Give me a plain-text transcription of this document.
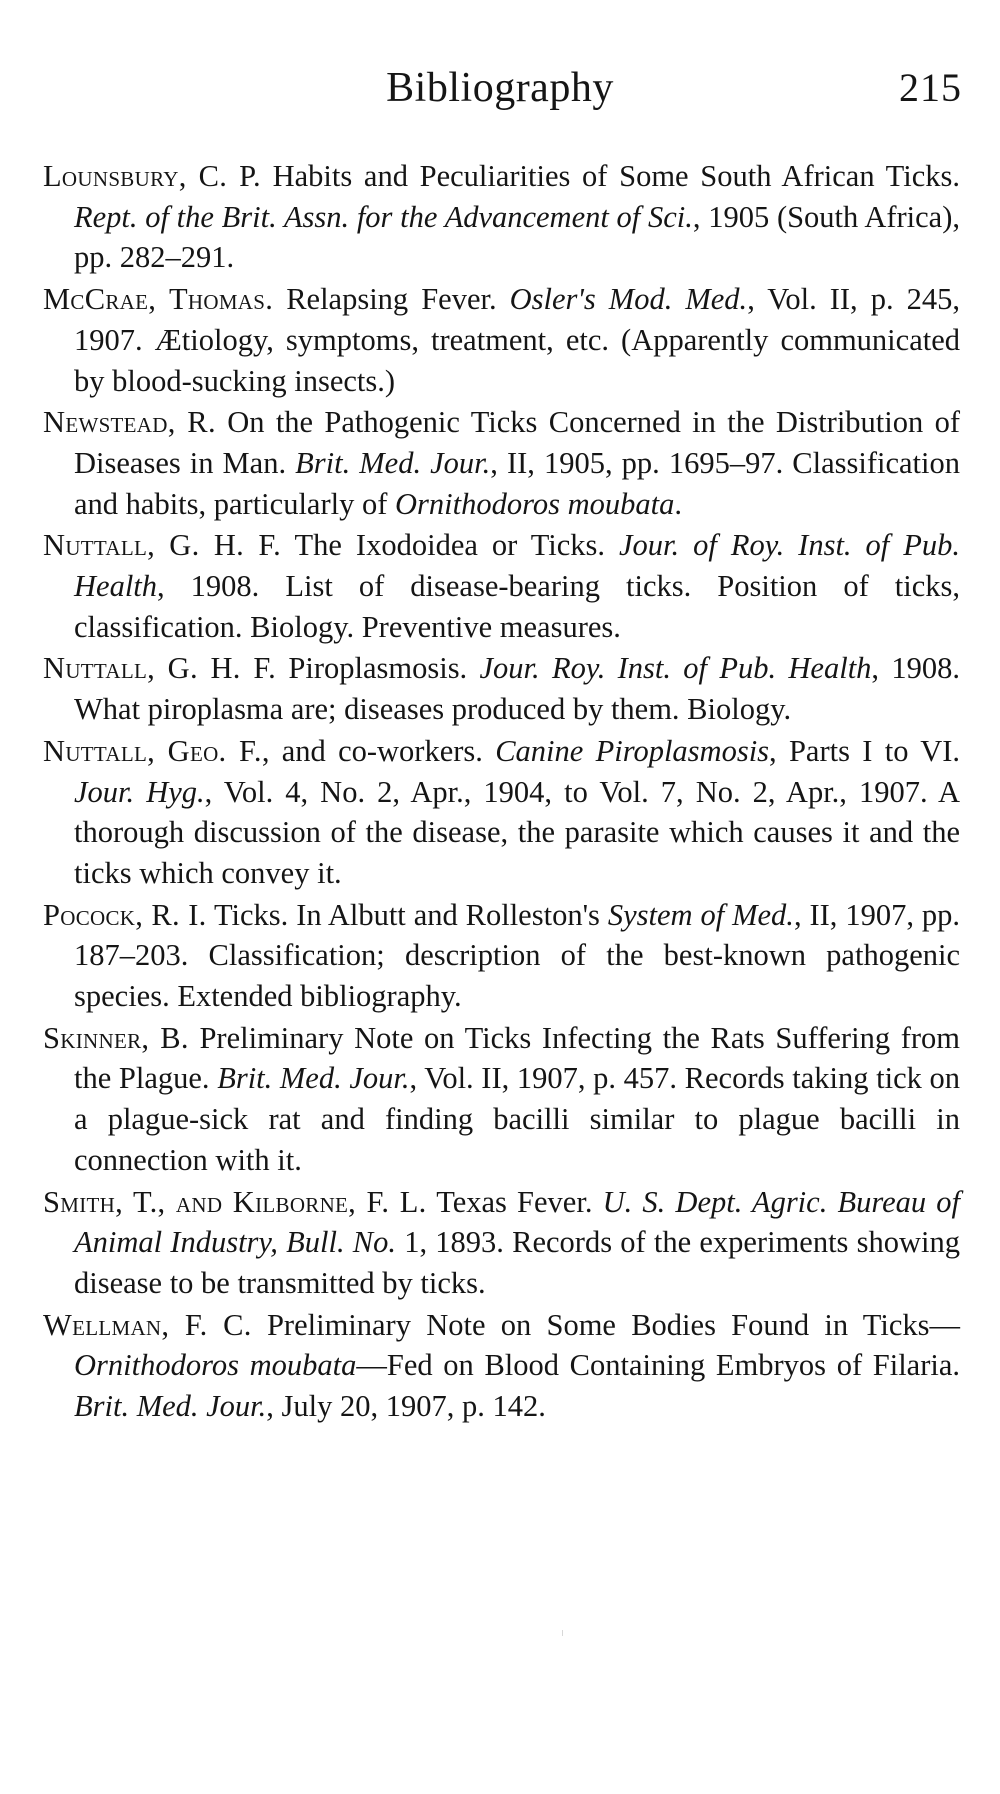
Bibliography	215
Lounsbury, C. P. Habits and Peculiarities of Some South African Ticks. Rept. of the Brit. Assn. for the Advancement of Sci., 1905 (South Africa), pp. 282–291.
McCrae, Thomas. Relapsing Fever. Osler's Mod. Med., Vol. II, p. 245, 1907. Ætiology, symptoms, treatment, etc. (Apparently communicated by blood-sucking insects.)
Newstead, R. On the Pathogenic Ticks Concerned in the Distribution of Diseases in Man. Brit. Med. Jour., II, 1905, pp. 1695–97. Classification and habits, particularly of Ornithodoros moubata.
Nuttall, G. H. F. The Ixodoidea or Ticks. Jour. of Roy. Inst. of Pub. Health, 1908. List of disease-bearing ticks. Position of ticks, classification. Biology. Preventive measures.
Nuttall, G. H. F. Piroplasmosis. Jour. Roy. Inst. of Pub. Health, 1908. What piroplasma are; diseases produced by them. Biology.
Nuttall, Geo. F., and co-workers. Canine Piroplasmosis, Parts I to VI. Jour. Hyg., Vol. 4, No. 2, Apr., 1904, to Vol. 7, No. 2, Apr., 1907. A thorough discussion of the disease, the parasite which causes it and the ticks which convey it.
Pocock, R. I. Ticks. In Albutt and Rolleston's System of Med., II, 1907, pp. 187–203. Classification; description of the best-known pathogenic species. Extended bibliography.
Skinner, B. Preliminary Note on Ticks Infecting the Rats Suffering from the Plague. Brit. Med. Jour., Vol. II, 1907, p. 457. Records taking tick on a plague-sick rat and finding bacilli similar to plague bacilli in connection with it.
Smith, T., and Kilborne, F. L. Texas Fever. U. S. Dept. Agric. Bureau of Animal Industry, Bull. No. 1, 1893. Records of the experiments showing disease to be transmitted by ticks.
Wellman, F. C. Preliminary Note on Some Bodies Found in Ticks—Ornithodoros moubata—Fed on Blood Containing Embryos of Filaria. Brit. Med. Jour., July 20, 1907, p. 142.
